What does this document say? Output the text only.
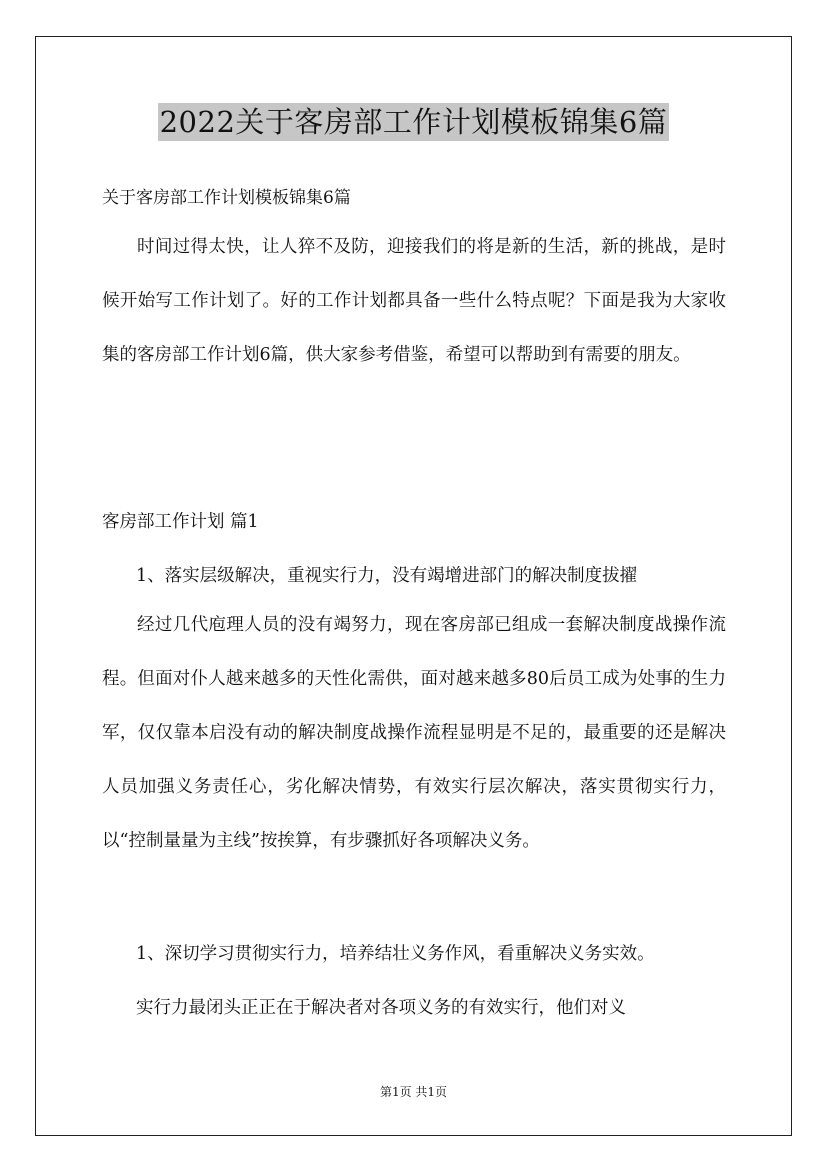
2022关于客房部工作计划模板锦集6篇
关于客房部工作计划模板锦集6篇

时间过得太快，让人猝不及防，迎接我们的将是新的生活，新的挑战，是时候开始写工作计划了。好的工作计划都具备一些什么特点呢？下面是我为大家收集的客房部工作计划6篇，供大家参考借鉴，希望可以帮助到有需要的朋友。

客房部工作计划 篇1
1、落实层级解决，重视实行力，没有竭增进部门的解决制度拔擢

经过几代庖理人员的没有竭努力，现在客房部已组成一套解决制度战操作流程。但面对仆人越来越多的天性化需供，面对越来越多80后员工成为处事的生力军，仅仅靠本启没有动的解决制度战操作流程显明是不足的，最重要的还是解决人员加强义务责任心，劣化解决情势，有效实行层次解决，落实贯彻实行力，以“控制量量为主线”按挨算，有步骤抓好各项解决义务。

1、深切学习贯彻实行力，培养结壮义务作风，看重解决义务实效。
实行力最闭头正正在于解决者对各项义务的有效实行，他们对义
第1页 共1页
